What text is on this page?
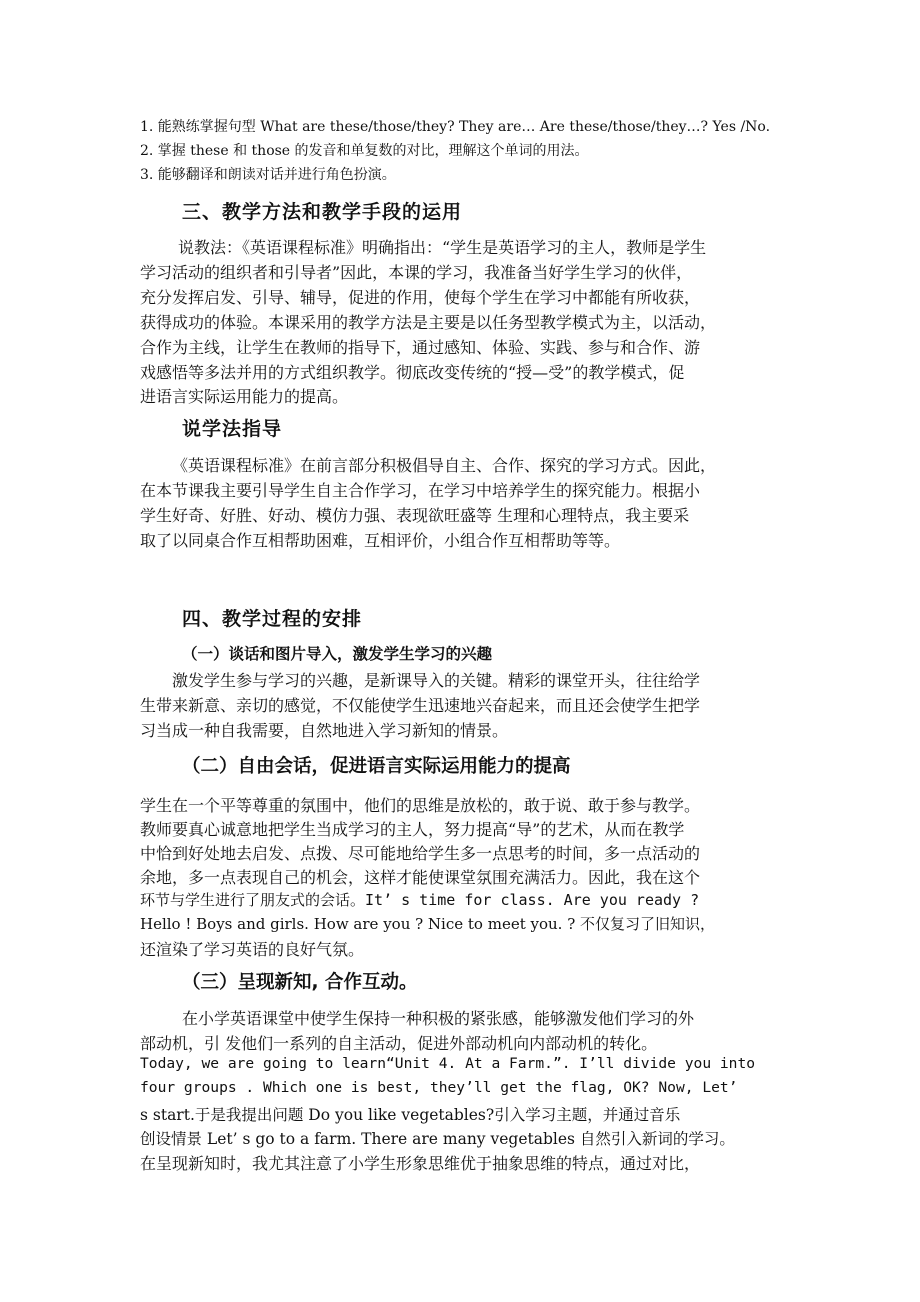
1. 能熟练掌握句型 What are these/those/they? They are… Are these/those/they…? Yes /No.
2. 掌握 these 和 those 的发音和单复数的对比，理解这个单词的用法。
3. 能够翻译和朗读对话并进行角色扮演。
三、教学方法和教学手段的运用
说教法：《英语课程标准》明确指出：“学生是英语学习的主人，教师是学生
学习活动的组织者和引导者”因此，本课的学习，我准备当好学生学习的伙伴，
充分发挥启发、引导、辅导，促进的作用，使每个学生在学习中都能有所收获，
获得成功的体验。本课采用的教学方法是主要是以任务型教学模式为主，以活动，
合作为主线，让学生在教师的指导下，通过感知、体验、实践、参与和合作、游
戏感悟等多法并用的方式组织教学。彻底改变传统的“授—受”的教学模式，促
进语言实际运用能力的提高。
说学法指导
《英语课程标准》在前言部分积极倡导自主、合作、探究的学习方式。因此，
在本节课我主要引导学生自主合作学习，在学习中培养学生的探究能力。根据小
学生好奇、好胜、好动、模仿力强、表现欲旺盛等 生理和心理特点，我主要采
取了以同桌合作互相帮助困难，互相评价，小组合作互相帮助等等。
四、教学过程的安排
（一）谈话和图片导入，激发学生学习的兴趣
激发学生参与学习的兴趣，是新课导入的关键。精彩的课堂开头，往往给学
生带来新意、亲切的感觉，不仅能使学生迅速地兴奋起来，而且还会使学生把学
习当成一种自我需要，自然地进入学习新知的情景。
（二）自由会话，促进语言实际运用能力的提高
学生在一个平等尊重的氛围中，他们的思维是放松的，敢于说、敢于参与教学。
教师要真心诚意地把学生当成学习的主人，努力提高“导”的艺术，从而在教学
中恰到好处地去启发、点拨、尽可能地给学生多一点思考的时间，多一点活动的
余地，多一点表现自己的机会，这样才能使课堂氛围充满活力。因此，我在这个
环节与学生进行了朋友式的会话。It’ s time for class. Are you ready ?
Hello ! Boys and girls. How are you ? Nice to meet you. ? 不仅复习了旧知识，
还渲染了学习英语的良好气氛。
（三）呈现新知, 合作互动。
在小学英语课堂中使学生保持一种积极的紧张感，能够激发他们学习的外
部动机，引 发他们一系列的自主活动，促进外部动机向内部动机的转化。
Today, we are going to learn“Unit 4. At a Farm.”. I’ll divide you into
four groups . Which one is best, they’ll get the flag, OK? Now, Let’
s start.于是我提出问题 Do you like vegetables?引入学习主题，并通过音乐
创设情景 Let’ s go to a farm. There are many vegetables 自然引入新词的学习。
在呈现新知时，我尤其注意了小学生形象思维优于抽象思维的特点，通过对比，
